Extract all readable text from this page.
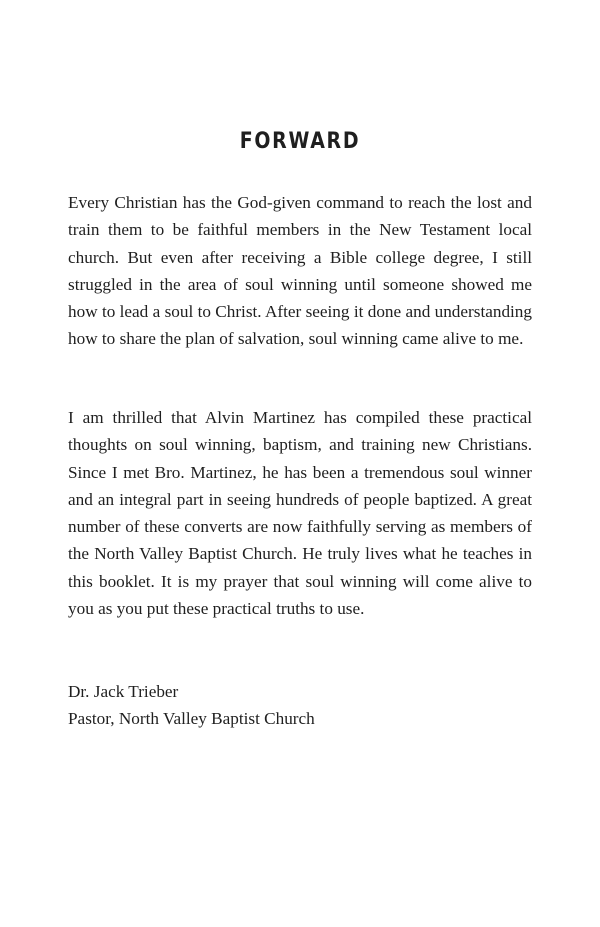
FORWARD

Every Christian has the God-given command to reach the lost and train them to be faithful members in the New Testament local church. But even after receiving a Bible college degree, I still struggled in the area of soul winning until someone showed me how to lead a soul to Christ. After seeing it done and understanding how to share the plan of salvation, soul winning came alive to me.

I am thrilled that Alvin Martinez has compiled these practical thoughts on soul winning, baptism, and training new Christians. Since I met Bro. Martinez, he has been a tremendous soul winner and an integral part in seeing hundreds of people baptized. A great number of these converts are now faithfully serving as members of the North Valley Baptist Church. He truly lives what he teaches in this booklet. It is my prayer that soul winning will come alive to you as you put these practical truths to use.

Dr. Jack Trieber
Pastor, North Valley Baptist Church
